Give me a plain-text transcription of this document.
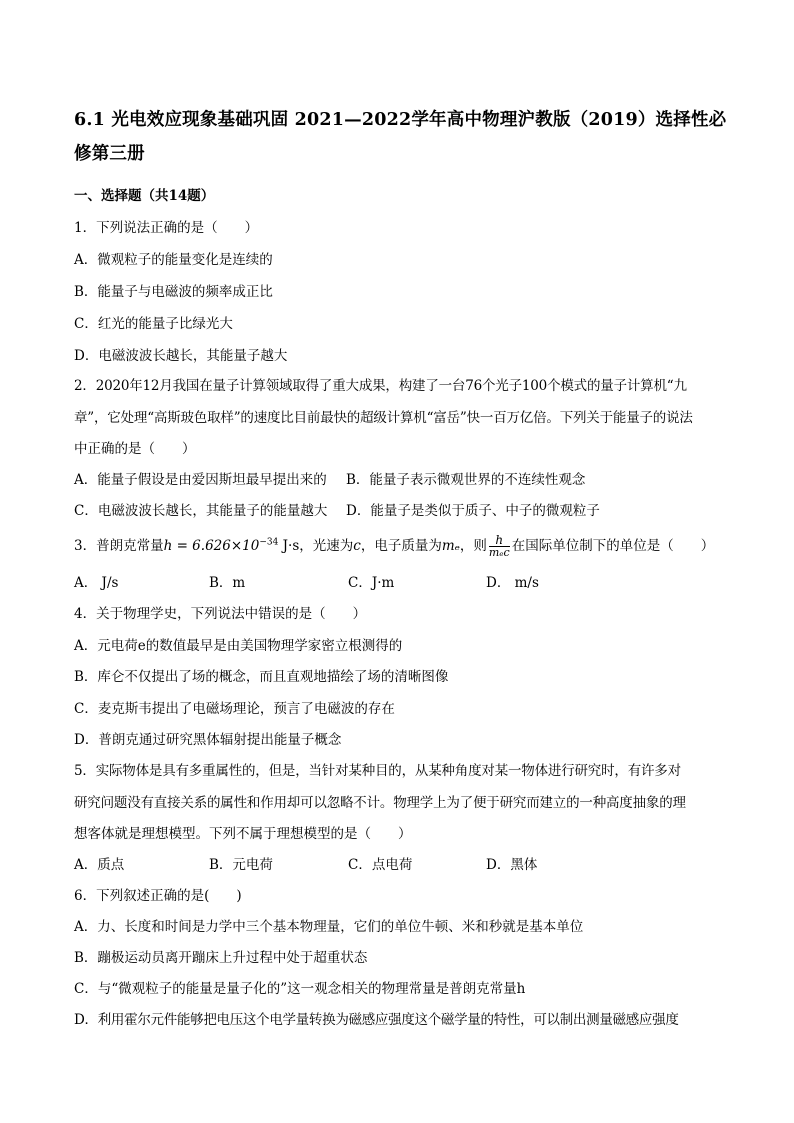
6.1 光电效应现象基础巩固 2021—2022学年高中物理沪教版（2019）选择性必修第三册
一、选择题（共14题）
1．下列说法正确的是（　　）
A．微观粒子的能量变化是连续的
B．能量子与电磁波的频率成正比
C．红光的能量子比绿光大
D．电磁波波长越长，其能量子越大
2．2020年12月我国在量子计算领域取得了重大成果，构建了一台76个光子100个模式的量子计算机“九
章”，它处理“高斯玻色取样”的速度比目前最快的超级计算机“富岳”快一百万亿倍。下列关于能量子的说法
中正确的是（　　）
A．能量子假设是由爱因斯坦最早提出来的 B．能量子表示微观世界的不连续性观念
C．电磁波波长越长，其能量子的能量越大 D．能量子是类似于质子、中子的微观粒子
3．普朗克常量$h = 6.626\times 10^{-34}$ J·s，光速为c，电子质量为mₑ，则 $\frac{h}{\text{mₑc}}$ 在国际单位制下的单位是（　　）
A． J/s	B．m	C．J·m	D． m/s
4．关于物理学史，下列说法中错误的是（　　）
A．元电荷e的数值最早是由美国物理学家密立根测得的
B．库仑不仅提出了场的概念，而且直观地描绘了场的清晰图像
C．麦克斯韦提出了电磁场理论，预言了电磁波的存在
D．普朗克通过研究黑体辐射提出能量子概念
5．实际物体是具有多重属性的，但是，当针对某种目的，从某种角度对某一物体进行研究时，有许多对
研究问题没有直接关系的属性和作用却可以忽略不计。物理学上为了便于研究而建立的一种高度抽象的理
想客体就是理想模型。下列不属于理想模型的是（　　）
A．质点	B．元电荷	C．点电荷	D．黑体
6．下列叙述正确的是(　　)
A．力、长度和时间是力学中三个基本物理量，它们的单位牛顿、米和秒就是基本单位
B．蹦极运动员离开蹦床上升过程中处于超重状态
C．与“微观粒子的能量是量子化的”这一观念相关的物理常量是普朗克常量h
D．利用霍尔元件能够把电压这个电学量转换为磁感应强度这个磁学量的特性，可以制出测量磁感应强度
